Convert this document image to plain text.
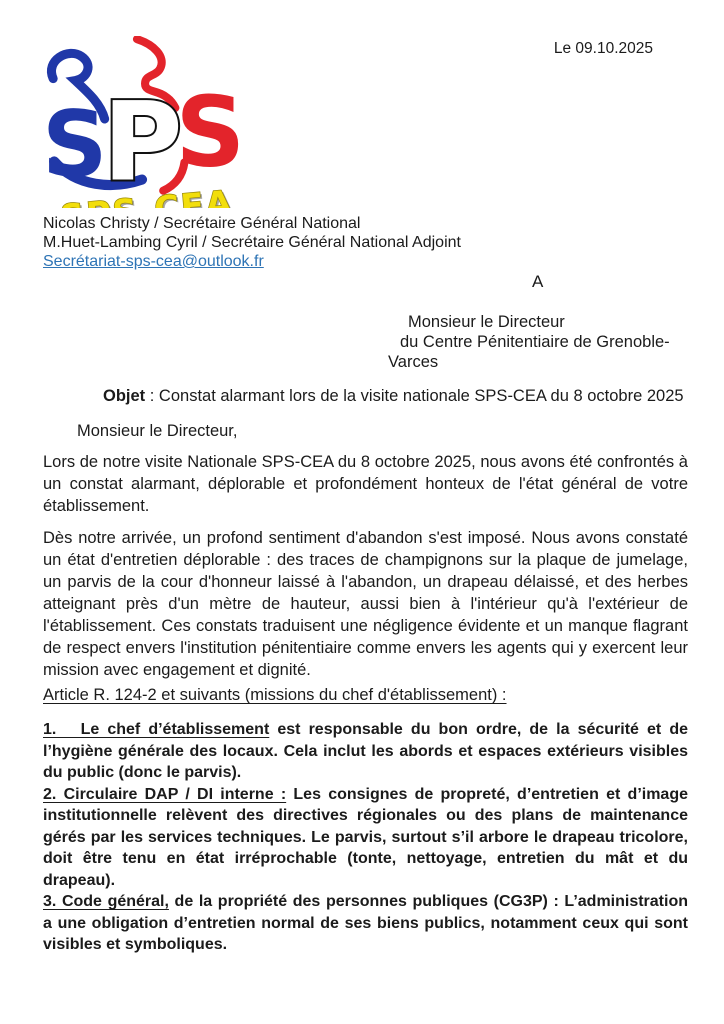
Le 09.10.2025
S
P
S
Nicolas Christy / Secrétaire Général National
M.Huet-Lambing Cyril / Secrétaire Général National Adjoint
Secrétariat-sps-cea@outlook.fr
A
Monsieur le Directeur
du Centre Pénitentiaire de Grenoble-
Varces
Objet : Constat alarmant lors de la visite nationale SPS-CEA du 8 octobre 2025
Monsieur le Directeur,
Lors de notre visite Nationale SPS-CEA du 8 octobre 2025, nous avons été confrontés à un constat alarmant, déplorable et profondément honteux de l'état général de votre établissement.
Dès notre arrivée, un profond sentiment d'abandon s'est imposé. Nous avons constaté un état d'entretien déplorable : des traces de champignons sur la plaque de jumelage, un parvis de la cour d'honneur laissé à l'abandon, un drapeau délaissé, et des herbes atteignant près d'un mètre de hauteur, aussi bien à l'intérieur qu'à l'extérieur de l'établissement. Ces constats traduisent une négligence évidente et un manque flagrant de respect envers l'institution pénitentiaire comme envers les agents qui y exercent leur mission avec engagement et dignité.
Article R. 124-2 et suivants (missions du chef d'établissement) :
1.   Le chef d’établissement est responsable du bon ordre, de la sécurité et de l’hygiène générale des locaux. Cela inclut les abords et espaces extérieurs visibles du public (donc le parvis).
2. Circulaire DAP / DI interne : Les consignes de propreté, d’entretien et d’image institutionnelle relèvent des directives régionales ou des plans de maintenance gérés par les services techniques. Le parvis, surtout s’il arbore le drapeau tricolore, doit être tenu en état irréprochable (tonte, nettoyage, entretien du mât et du drapeau).
3. Code général, de la propriété des personnes publiques (CG3P) : L’administration a une obligation d’entretien normal de ses biens publics, notamment ceux qui sont visibles et symboliques.
